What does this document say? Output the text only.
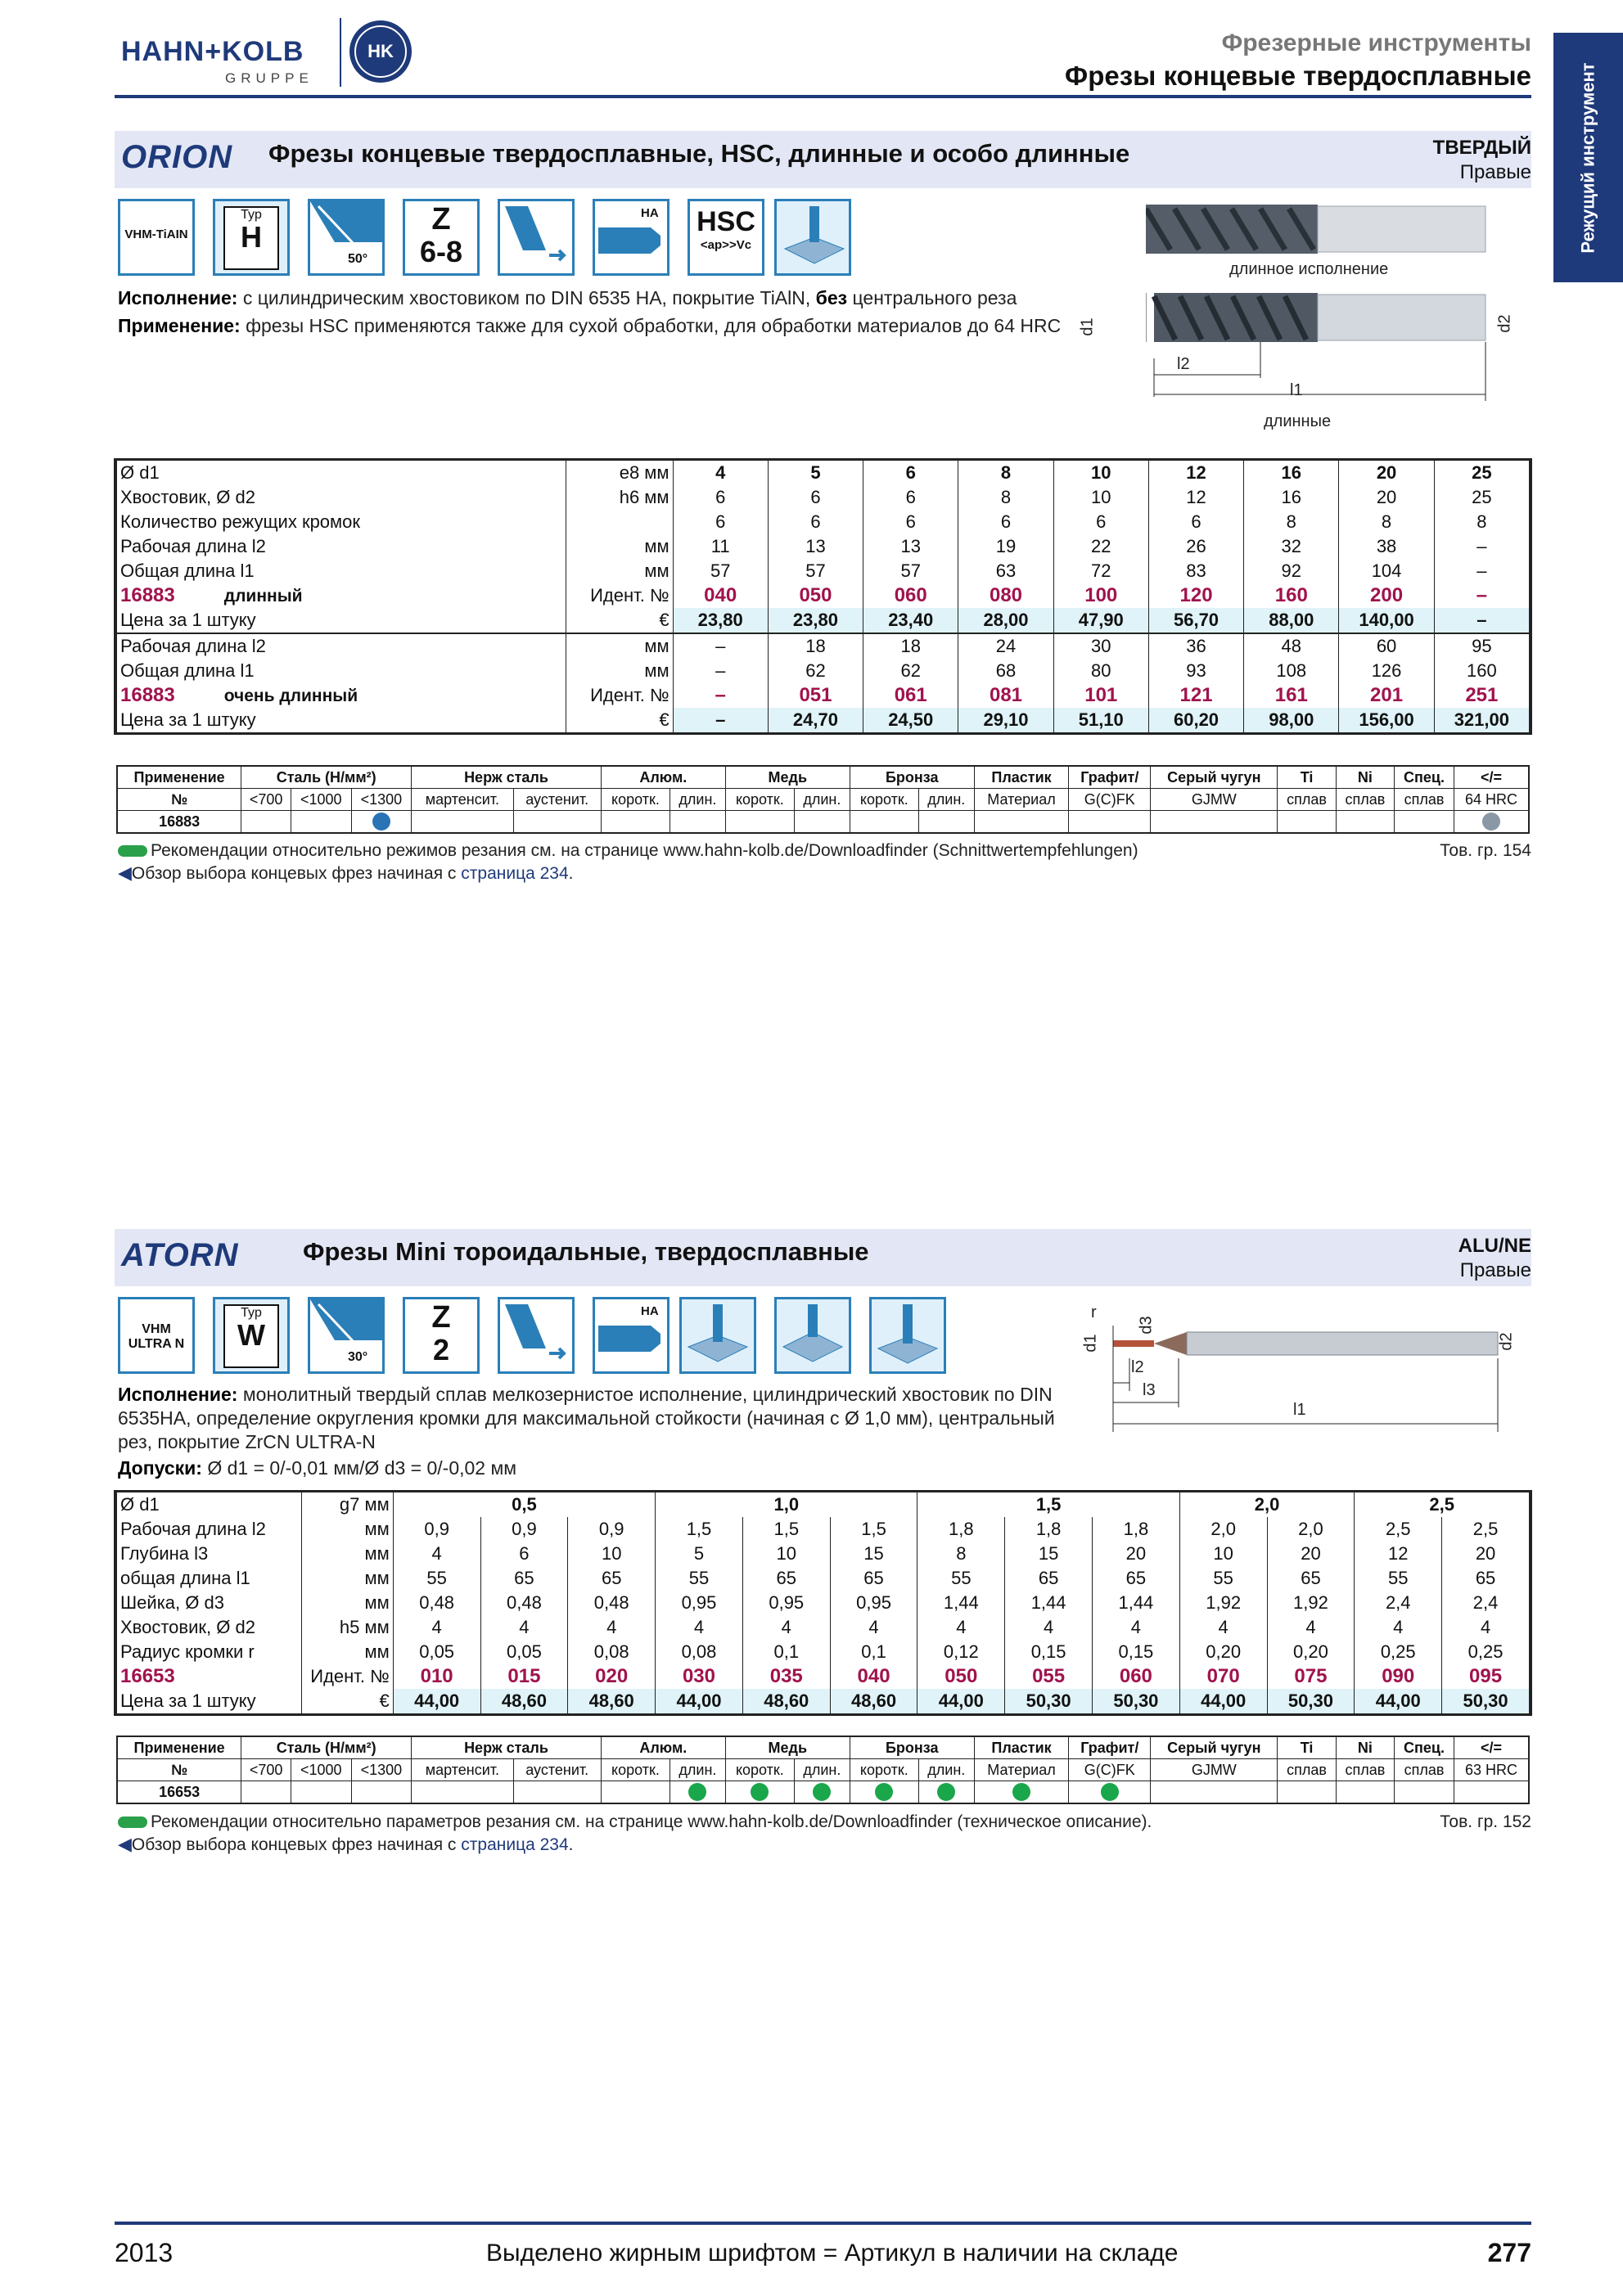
HAHN+KOLB
GRUPPE
HK	Фрезерные инструменты
Фрезы концевые твердосплавные	Режущий инструмент
ORION Фрезы концевые твердосплавные, HSC, длинные и особо длинные	ТВЕРДЫЙ
Правые
VHM-TiAIN
Typ
H
50°
Z
6-8
HA HSC
<ap>>Vc
длинное исполнение
длинные
d1	d2
l2
l1
Исполнение: с цилиндрическим хвостовиком по DIN 6535 HA, покрытие TiAlN, без центрального реза
Применение: фрезы HSC применяются также для сухой обработки, для обработки материалов до 64 HRC
Ø d1	e8 мм	4	5	6	8	10	12	16	20	25
Хвостовик, Ø d2	h6 мм	6	6	6	8	10	12	16	20	25
Количество режущих кромок		6	6	6	6	6	6	8	8	8
Рабочая длина l2	мм	11	13	13	19	22	26	32	38	–
Общая длина l1	мм	57	57	57	63	72	83	92	104	–
16883 длинный	Идент. №	040	050	060	080	100	120	160	200	–
Цена за 1 штуку	€	23,80	23,80	23,40	28,00	47,90	56,70	88,00	140,00	–
Рабочая длина l2	мм	–	18	18	24	30	36	48	60	95
Общая длина l1	мм	–	62	62	68	80	93	108	126	160
16883 очень длинный	Идент. №	–	051	061	081	101	121	161	201	251
Цена за 1 штуку	€	–	24,70	24,50	29,10	51,10	60,20	98,00	156,00	321,00
Применение	Сталь (Н/мм²)			Нерж сталь		Алюм.		Медь		Бронза		Пластик	Графит/	Серый чугун	Ti	Ni	Спец.	</=
№	<700	<1000	<1300	мартенсит.	аустенит.	коротк.	длин.	коротк.	длин.	коротк.	длин.	Материал	G(C)FK	GJMW	сплав	сплав	сплав	64 HRC
16883																		
Рекомендации относительно режимов резания см. на странице www.hahn-kolb.de/Downloadfinder (Schnittwertempfehlungen)
◀Обзор выбора концевых фрез начиная с страница 234.
Тов. гр. 154
ATORN	Фрезы Mini тороидальные, твердосплавные	ALU/NE
Правые
VHM
ULTRA N
Typ
W
30°
Z
2
HA	r
d3
d1
l2
l3
l1
d2
Исполнение: монолитный твердый сплав мелкозернистое исполнение, цилиндрический хвостовик по DIN 6535HA, определение округления кромки для максимальной стойкости (начиная с Ø 1,0 мм), центральный рез, покрытие ZrCN ULTRA-N
Допуски: Ø d1 = 0/-0,01 мм/Ø d3 = 0/-0,02 мм
Ø d1	g7 мм	0,5			1,0			1,5			2,0		2,5	
Рабочая длина l2	мм	0,9	0,9	0,9	1,5	1,5	1,5	1,8	1,8	1,8	2,0	2,0	2,5	2,5
Глубина l3	мм	4	6	10	5	10	15	8	15	20	10	20	12	20
общая длина l1	мм	55	65	65	55	65	65	55	65	65	55	65	55	65
Шейка, Ø d3	мм	0,48	0,48	0,48	0,95	0,95	0,95	1,44	1,44	1,44	1,92	1,92	2,4	2,4
Хвостовик, Ø d2	h5 мм	4	4	4	4	4	4	4	4	4	4	4	4	4
Радиус кромки r	мм	0,05	0,05	0,08	0,08	0,1	0,1	0,12	0,15	0,15	0,20	0,20	0,25	0,25
16653	Идент. №	010	015	020	030	035	040	050	055	060	070	075	090	095
Цена за 1 штуку	€	44,00	48,60	48,60	44,00	48,60	48,60	44,00	50,30	50,30	44,00	50,30	44,00	50,30
Применение	Сталь (Н/мм²)			Нерж сталь		Алюм.		Медь		Бронза		Пластик	Графит/	Серый чугун	Ti	Ni	Спец.	</=
№	<700	<1000	<1300	мартенсит.	аустенит.	коротк.	длин.	коротк.	длин.	коротк.	длин.	Материал	G(C)FK	GJMW	сплав	сплав	сплав	63 HRC
16653																		
Рекомендации относительно параметров резания см. на странице www.hahn-kolb.de/Downloadfinder (техническое описание).
◀Обзор выбора концевых фрез начиная с страница 234.
Тов. гр. 152
2013	Выделено жирным шрифтом = Артикул в наличии на складе	277
